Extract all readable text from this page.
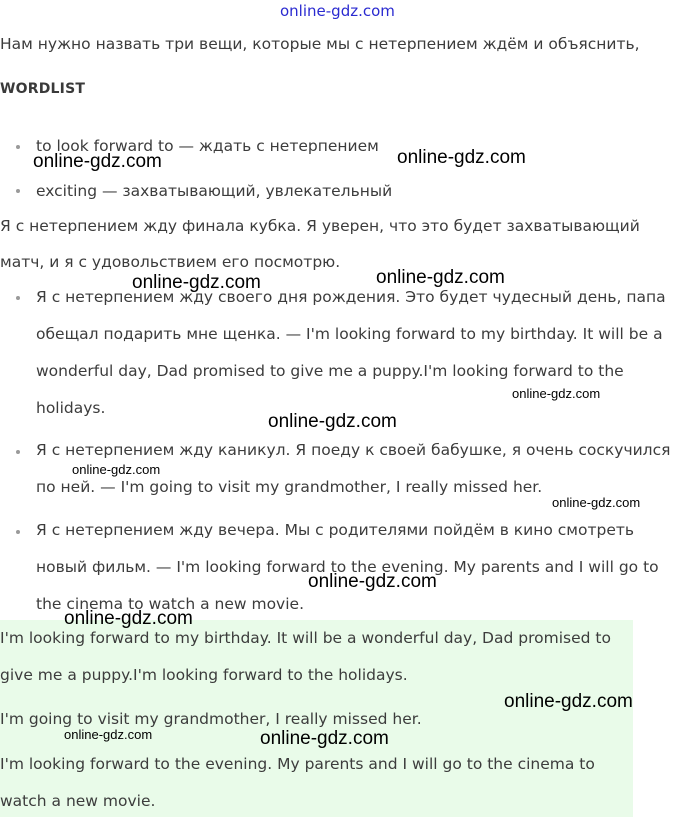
online-gdz.com
Нам нужно назвать три вещи, которые мы с нетерпением ждём и объяснить,
WORDLIST
to look forward to — ждать с нетерпением
exciting — захватывающий, увлекательный
Я с нетерпением жду финала кубка. Я уверен, что это будет захватывающий матч, и я с удовольствием его посмотрю.
Я с нетерпением жду своего дня рождения. Это будет чудесный день, папа обещал подарить мне щенка. — I'm looking forward to my birthday. It will be a wonderful day, Dad promised to give me a puppy.I'm looking forward to the holidays.
Я с нетерпением жду каникул. Я поеду к своей бабушке, я очень соскучился по ней. — I'm going to visit my grandmother, I really missed her.
Я с нетерпением жду вечера. Мы с родителями пойдём в кино смотреть новый фильм. — I'm looking forward to the evening. My parents and I will go to the cinema to watch a new movie.
I'm looking forward to my birthday. It will be a wonderful day, Dad promised to give me a puppy.I'm looking forward to the holidays.
I'm going to visit my grandmother, I really missed her.
I'm looking forward to the evening. My parents and I will go to the cinema to watch a new movie.
online-gdz.com	online-gdz.com
online-gdz.com	online-gdz.com
online-gdz.com
online-gdz.com
online-gdz.com
online-gdz.com
online-gdz.com
online-gdz.com
online-gdz.com
online-gdz.com	online-gdz.com
